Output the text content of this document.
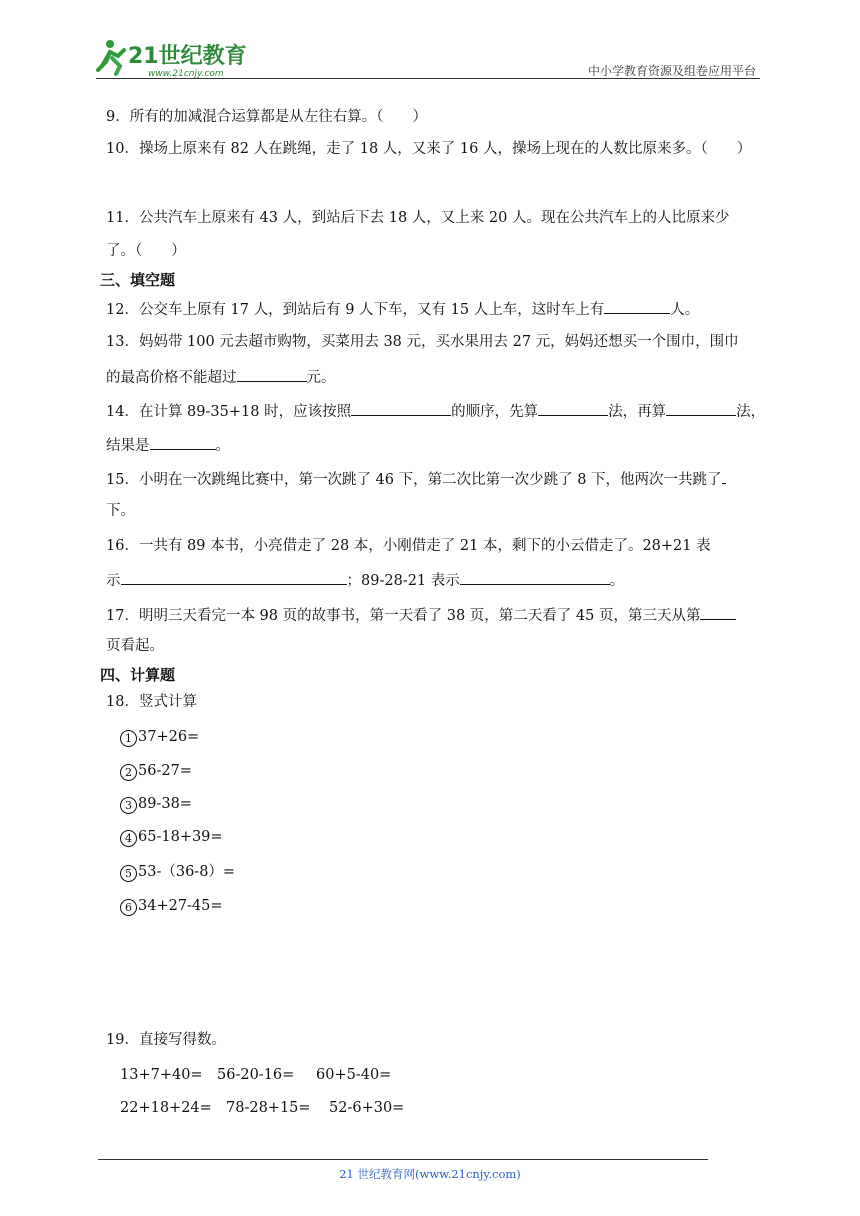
21世纪教育
www.21cnjy.com	中小学教育资源及组卷应用平台
9．所有的加减混合运算都是从左往右算。（　　）
10．操场上原来有 82 人在跳绳，走了 18 人，又来了 16 人，操场上现在的人数比原来多。（　　）
11．公共汽车上原来有 43 人，到站后下去 18 人，又上来 20 人。现在公共汽车上的人比原来少
了。（　　）
三、填空题
12．公交车上原有 17 人，到站后有 9 人下车，又有 15 人上车，这时车上有	人。
13．妈妈带 100 元去超市购物，买菜用去 38 元，买水果用去 27 元，妈妈还想买一个围巾，围巾
的最高价格不能超过	元。
14．在计算 89-35+18 时，应该按照	的顺序，先算	法，再算	法，
结果是	。
15．小明在一次跳绳比赛中，第一次跳了 46 下，第二次比第一次少跳了 8 下，他两次一共跳了
下。
16．一共有 89 本书，小亮借走了 28 本，小刚借走了 21 本，剩下的小云借走了。28+21 表
示	；89-28-21 表示	。
17．明明三天看完一本 98 页的故事书，第一天看了 38 页，第二天看了 45 页，第三天从第
页看起。
四、计算题
18．竖式计算
1 37+26=
2 56-27=
3 89-38=
4 65-18+39=
5 53-（36-8）=
6 34+27-45=
19．直接写得数。
13+7+40= 56-20-16= 60+5-40=
22+18+24= 78-28+15= 52-6+30=
21 世纪教育网(www.21cnjy.com)
